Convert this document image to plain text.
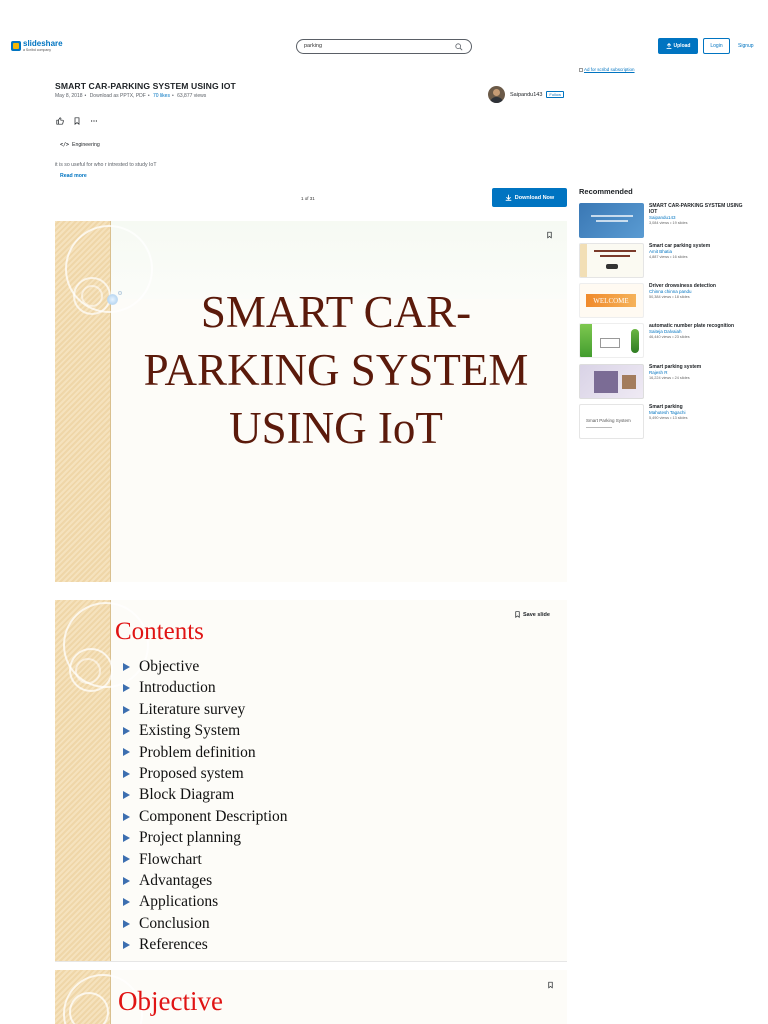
slideshare
a Scribd company
parking	Upload	Login	Signup
SMART CAR-PARKING SYSTEM USING IOT
May 8, 2018 • Download as PPTX, PDF • 70 likes • 63,877 views	Saipandu143	Follow
</> Engineering
it is so useful for who r intrested to study IoT
Read more
1 of 31	Download Now
SMART CAR-PARKING SYSTEM USING IoT
Save slide
Contents
Objective
Introduction
Literature survey
Existing System
Problem definition
Proposed system
Block Diagram
Component Description
Project planning
Flowchart
Advantages
Applications
Conclusion
References
Objective
Ad for scribd subscription
Recommended
SMART CAR-PARKING SYSTEM USING IOT
Saipandu143
3,084 views • 19 slides
Smart car parking system
Amit Bhatia
4,887 views • 16 slides
WELCOME
Driver drowsiness detection
Chinna chinna pandu
50,384 views • 18 slides
automatic number plate recognition
Saiteja Dalvaiah
46,440 views • 23 slides
Smart parking system
Rajesh R
16,224 views • 24 slides
Smart Parking System
Smart parking
Mahutesh Tagachi
5,490 views • 13 slides
